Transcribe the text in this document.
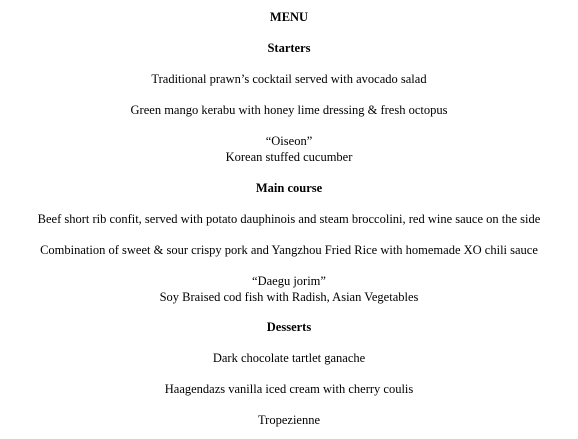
MENU
Starters
Traditional prawn’s cocktail served with avocado salad
Green mango kerabu with honey lime dressing & fresh octopus
“Oiseon”
Korean stuffed cucumber
Main course
Beef short rib confit, served with potato dauphinois and steam broccolini, red wine sauce on the side
Combination of sweet & sour crispy pork and Yangzhou Fried Rice with homemade XO chili sauce
“Daegu jorim”
Soy Braised cod fish with Radish, Asian Vegetables
Desserts
Dark chocolate tartlet ganache
Haagendazs vanilla iced cream with cherry coulis
Tropezienne
